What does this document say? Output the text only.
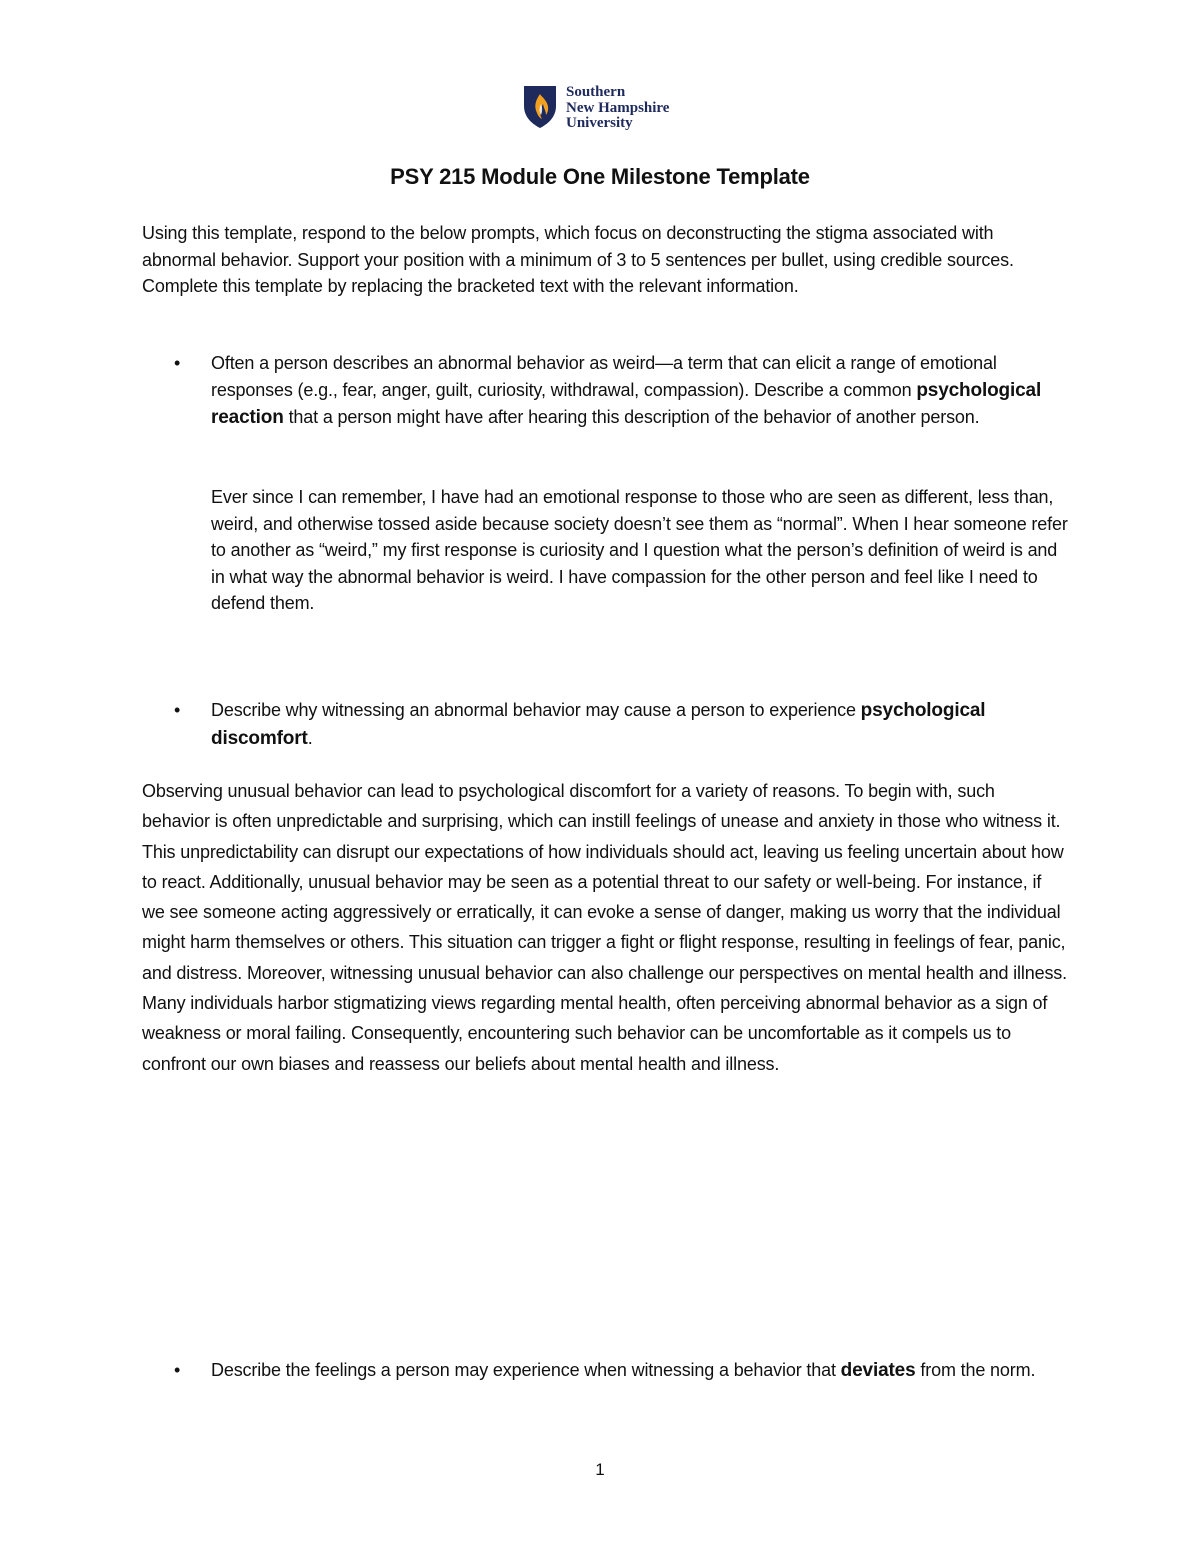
Southern
New Hampshire
University
PSY 215 Module One Milestone Template

Using this template, respond to the below prompts, which focus on deconstructing the stigma associated with abnormal behavior. Support your position with a minimum of 3 to 5 sentences per bullet, using credible sources. Complete this template by replacing the bracketed text with the relevant information.

• Often a person describes an abnormal behavior as weird—a term that can elicit a range of emotional responses (e.g., fear, anger, guilt, curiosity, withdrawal, compassion). Describe a common psychological reaction that a person might have after hearing this description of the behavior of another person.

Ever since I can remember, I have had an emotional response to those who are seen as different, less than, weird, and otherwise tossed aside because society doesn’t see them as “normal”. When I hear someone refer to another as “weird,” my first response is curiosity and I question what the person’s definition of weird is and in what way the abnormal behavior is weird. I have compassion for the other person and feel like I need to defend them.

• Describe why witnessing an abnormal behavior may cause a person to experience psychological discomfort.

Observing unusual behavior can lead to psychological discomfort for a variety of reasons. To begin with, such behavior is often unpredictable and surprising, which can instill feelings of unease and anxiety in those who witness it. This unpredictability can disrupt our expectations of how individuals should act, leaving us feeling uncertain about how to react. Additionally, unusual behavior may be seen as a potential threat to our safety or well-being. For instance, if we see someone acting aggressively or erratically, it can evoke a sense of danger, making us worry that the individual might harm themselves or others. This situation can trigger a fight or flight response, resulting in feelings of fear, panic, and distress. Moreover, witnessing unusual behavior can also challenge our perspectives on mental health and illness. Many individuals harbor stigmatizing views regarding mental health, often perceiving abnormal behavior as a sign of weakness or moral failing. Consequently, encountering such behavior can be uncomfortable as it compels us to confront our own biases and reassess our beliefs about mental health and illness.

• Describe the feelings a person may experience when witnessing a behavior that deviates from the norm.

1
